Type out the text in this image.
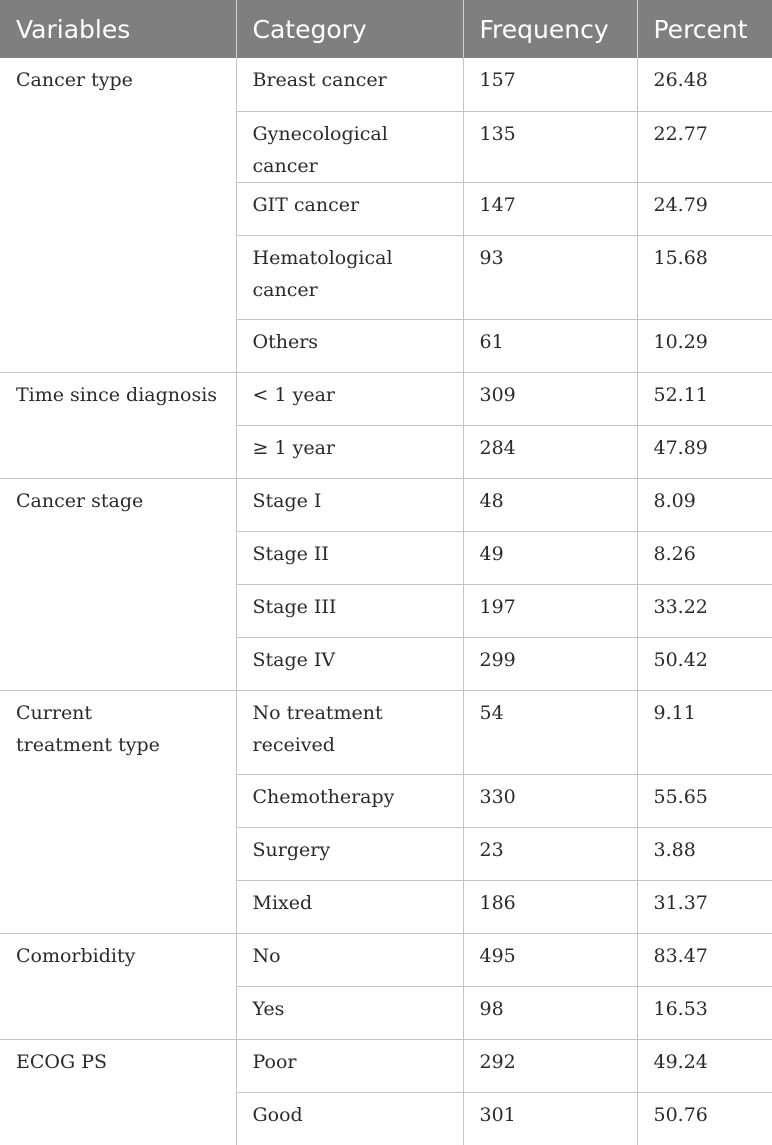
Variables	Category	Frequency	Percent

Cancer type	Breast cancer	157	26.48

	Gynecological cancer	135	22.77

	GIT cancer	147	24.79

	Hematological cancer	93	15.68

	Others	61	10.29

Time since diagnosis	< 1 year	309	52.11

	≥ 1 year	284	47.89

Cancer stage	Stage I	48	8.09

	Stage II	49	8.26

	Stage III	197	33.22

	Stage IV	299	50.42

Current treatment type	No treatment received	54	9.11

	Chemotherapy	330	55.65

	Surgery	23	3.88

	Mixed	186	31.37

Comorbidity	No	495	83.47

	Yes	98	16.53

ECOG PS	Poor	292	49.24

	Good	301	50.76
